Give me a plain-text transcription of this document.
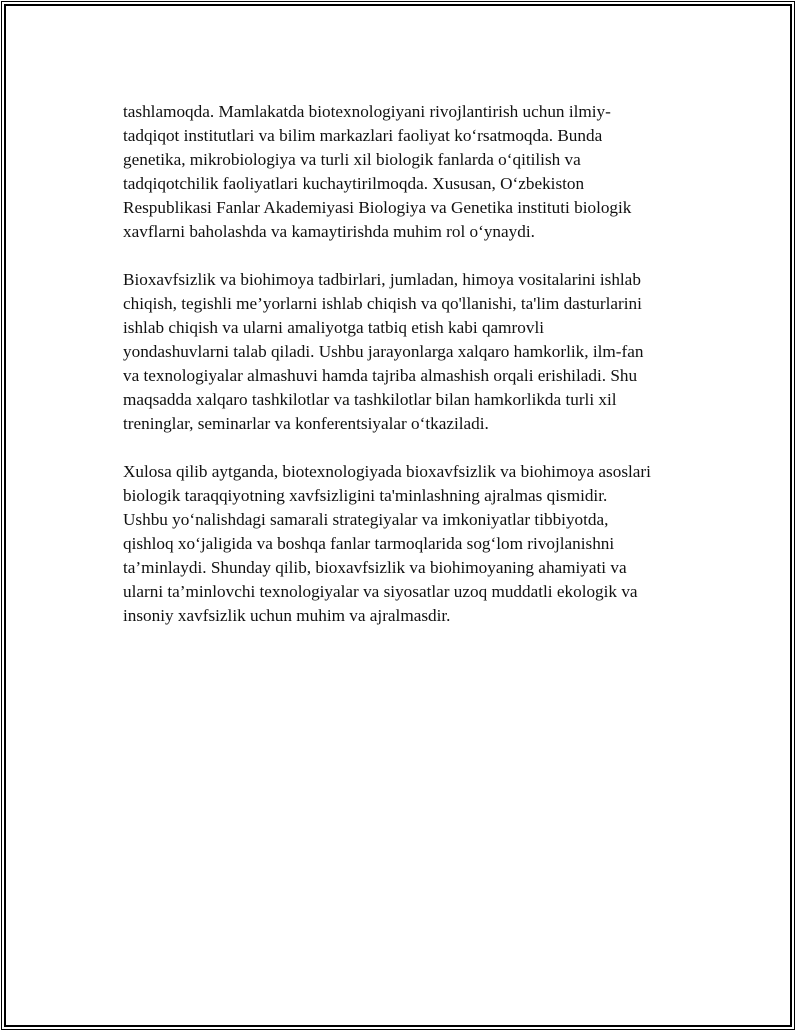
tashlamoqda. Mamlakatda biotexnologiyani rivojlantirish uchun ilmiy-
tadqiqot institutlari va bilim markazlari faoliyat ko‘rsatmoqda. Bunda
genetika, mikrobiologiya va turli xil biologik fanlarda o‘qitilish va
tadqiqotchilik faoliyatlari kuchaytirilmoqda. Xususan, O‘zbekiston
Respublikasi Fanlar Akademiyasi Biologiya va Genetika instituti biologik
xavflarni baholashda va kamaytirishda muhim rol o‘ynaydi.

Bioxavfsizlik va biohimoya tadbirlari, jumladan, himoya vositalarini ishlab
chiqish, tegishli me’yorlarni ishlab chiqish va qo'llanishi, ta'lim dasturlarini
ishlab chiqish va ularni amaliyotga tatbiq etish kabi qamrovli
yondashuvlarni talab qiladi. Ushbu jarayonlarga xalqaro hamkorlik, ilm-fan
va texnologiyalar almashuvi hamda tajriba almashish orqali erishiladi. Shu
maqsadda xalqaro tashkilotlar va tashkilotlar bilan hamkorlikda turli xil
treninglar, seminarlar va konferentsiyalar o‘tkaziladi.

Xulosa qilib aytganda, biotexnologiyada bioxavfsizlik va biohimoya asoslari
biologik taraqqiyotning xavfsizligini ta'minlashning ajralmas qismidir.
Ushbu yo‘nalishdagi samarali strategiyalar va imkoniyatlar tibbiyotda,
qishloq xo‘jaligida va boshqa fanlar tarmoqlarida sog‘lom rivojlanishni
ta’minlaydi. Shunday qilib, bioxavfsizlik va biohimoyaning ahamiyati va
ularni ta’minlovchi texnologiyalar va siyosatlar uzoq muddatli ekologik va
insoniy xavfsizlik uchun muhim va ajralmasdir.
